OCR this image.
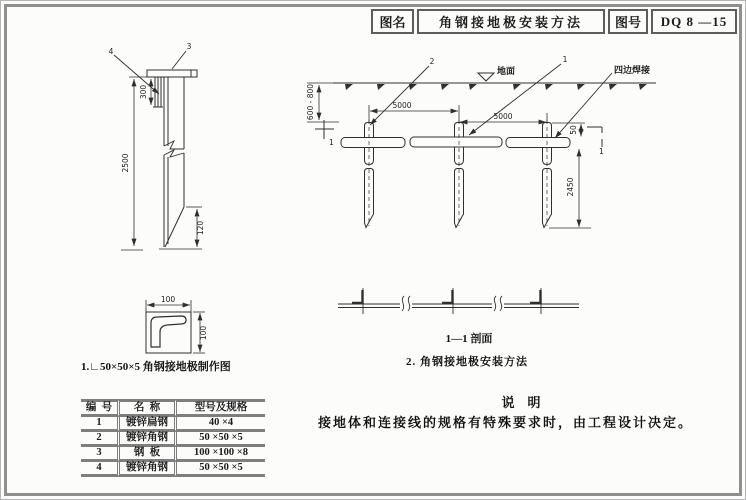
4
3
2500
300
120
100
100
2	1
600 - 800	5000
5000
50
2450
1
1
图名	角钢接地极安装方法	图号	DQ 8 —15
地面	四边焊接
1.∟50×50×5 角钢接地极制作图
1—1 剖面
2. 角钢接地极安装方法
说    明
接地体和连接线的规格有特殊要求时，由工程设计决定。
编  号	名  称	型号及规格
1	镀锌扁钢	40 ×4
2	镀锌角钢	50 ×50 ×5
3	钢  板	100 ×100 ×8
4	镀锌角钢	50 ×50 ×5
